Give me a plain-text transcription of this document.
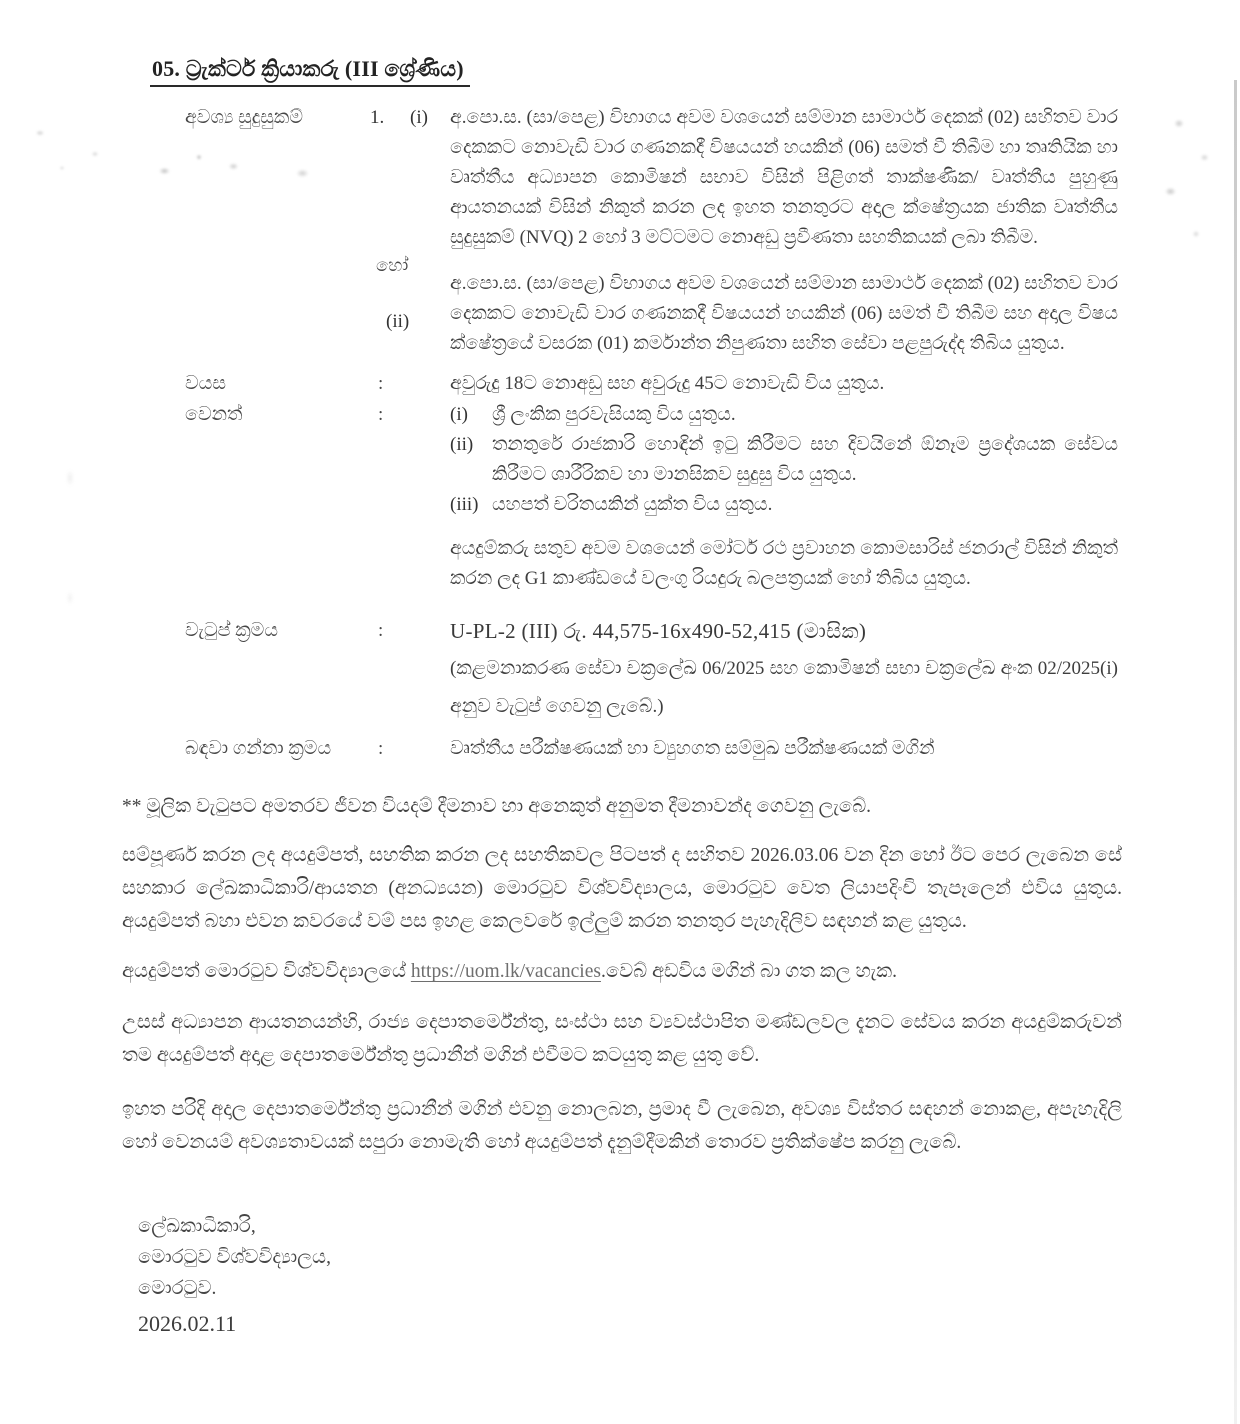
05. ට්‍රැක්ටර් ක්‍රියාකරු (III ශ්‍රේණිය)
අවශ්‍ය සුදුසුකම්	1.	(i)	අ.පො.ස. (සා/පෙළ) විභාගය අවම වශයෙන් සම්මාන සාමාර්ථ දෙකක් (02) සහිතව වාර දෙකකට නොවැඩි වාර ගණනකදී විෂයයන් හයකින් (06) සමත් වී තිබීම හා තෘතියික හා වෘත්තීය අධ්‍යාපන කොමිෂන් සභාව විසින් පිළිගත් තාක්ෂණික/ වෘත්තීය පුහුණු ආයතනයක් විසින් නිකුත් කරන ලද ඉහත තනතුරට අදාල ක්ෂේත්‍රයක ජාතික වෘත්තීය සුදුසුකම් (NVQ) 2 හෝ 3 මට්ටමට නොඅඩු ප්‍රවීණතා සහතිකයක් ලබා තිබීම.
හෝ
(ii)
අ.පො.ස. (සා/පෙළ) විභාගය අවම වශයෙන් සම්මාන සාමාර්ථ දෙකක් (02) සහිතව වාර දෙකකට නොවැඩි වාර ගණනකදී විෂයයන් හයකින් (06) සමත් වී තිබීම සහ අදාල විෂය ක්ෂේත්‍රයේ වසරක (01) කර්මාන්ත නිපුණතා සහිත සේවා පළපුරුද්ද තිබිය යුතුය.
වයස	:	අවුරුදු 18ට නොඅඩු සහ අවුරුදු 45ට නොවැඩි විය යුතුය.
වෙනත්	:	(i) ශ්‍රී ලංකික පුරවැසියකු විය යුතුය.
(ii) තනතුරේ රාජකාරි හොඳින් ඉටු කිරීමට සහ දිවයිනේ ඕනෑම ප්‍රදේශයක සේවය කිරීමට ශාරීරිකව හා මානසිකව සුදුසු විය යුතුය.
(iii) යහපත් චරිතයකින් යුක්ත විය යුතුය.
අයදුම්කරු සතුව අවම වශයෙන් මෝටර් රථ ප්‍රවාහන කොමසාරිස් ජනරාල් විසින් නිකුත් කරන ලද G1 කාණ්ඩයේ වලංගු රියදුරු බලපත්‍රයක් හෝ තිබිය යුතුය.
වැටුප් ක්‍රමය	:	U-PL-2 (III) රු. 44,575-16x490-52,415 (මාසික)
(කළමනාකරණ සේවා චක්‍රලේඛ 06/2025 සහ කොමිෂන් සභා චක්‍රලේඛ අංක 02/2025(i) අනුව වැටුප් ගෙවනු ලැබේ.)
බඳවා ගන්නා ක්‍රමය	:	වෘත්තීය පරීක්ෂණයක් හා ව්‍යුහගත සම්මුඛ පරීක්ෂණයක් මගින්

** මූලික වැටුපට අමතරව ජීවන වියදම් දීමනාව හා අනෙකුත් අනුමත දීමනාවන්ද ගෙවනු ලැබේ.

සම්පූර්ණ කරන ලද අයදුම්පත්, සහතික කරන ලද සහතිකවල පිටපත් ද සහිතව 2026.03.06 වන දින හෝ ඊට පෙර ලැබෙන සේ සහකාර ලේඛකාධිකාරි/ආයතන (අනධ්‍යයන) මොරටුව විශ්වවිද්‍යාලය, මොරටුව වෙත ලියාපදිංචි තැපෑලෙන් එවිය යුතුය. අයදුම්පත් බහා එවන කවරයේ වම් පස ඉහළ කෙලවරේ ඉල්ලුම් කරන තනතුර පැහැදිලිව සඳහන් කළ යුතුය.

අයදුම්පත් මොරටුව විශ්වවිද්‍යාලයේ https://uom.lk/vacancies.වෙබ් අඩවිය මගින් බා ගත කල හැක.

උසස් අධ්‍යාපන ආයතනයන්හි, රාජ්‍ය දෙපාතර්මේන්තු, සංස්ථා සහ ව්‍යවස්ථාපිත මණ්ඩලවල දැනට සේවය කරන අයදුම්කරුවන් තම අයදුම්පත් අදාළ දෙපාතර්මේන්තු ප්‍රධානීන් මගින් එවීමට කටයුතු කළ යුතු වේ.

ඉහත පරිදි අදාල දෙපාතර්මේන්තු ප්‍රධානීන් මගින් එවනු නොලබන, ප්‍රමාද වී ලැබෙන, අවශ්‍ය විස්තර සඳහන් නොකළ, අපැහැදිලි හෝ වෙනයම් අවශ්‍යතාවයක් සපුරා නොමැති හෝ අයදුම්පත් දැනුම්දීමකින් තොරව ප්‍රතික්ෂේප කරනු ලැබේ.

ලේඛකාධිකාරි,
මොරටුව විශ්වවිද්‍යාලය,
මොරටුව.
2026.02.11
